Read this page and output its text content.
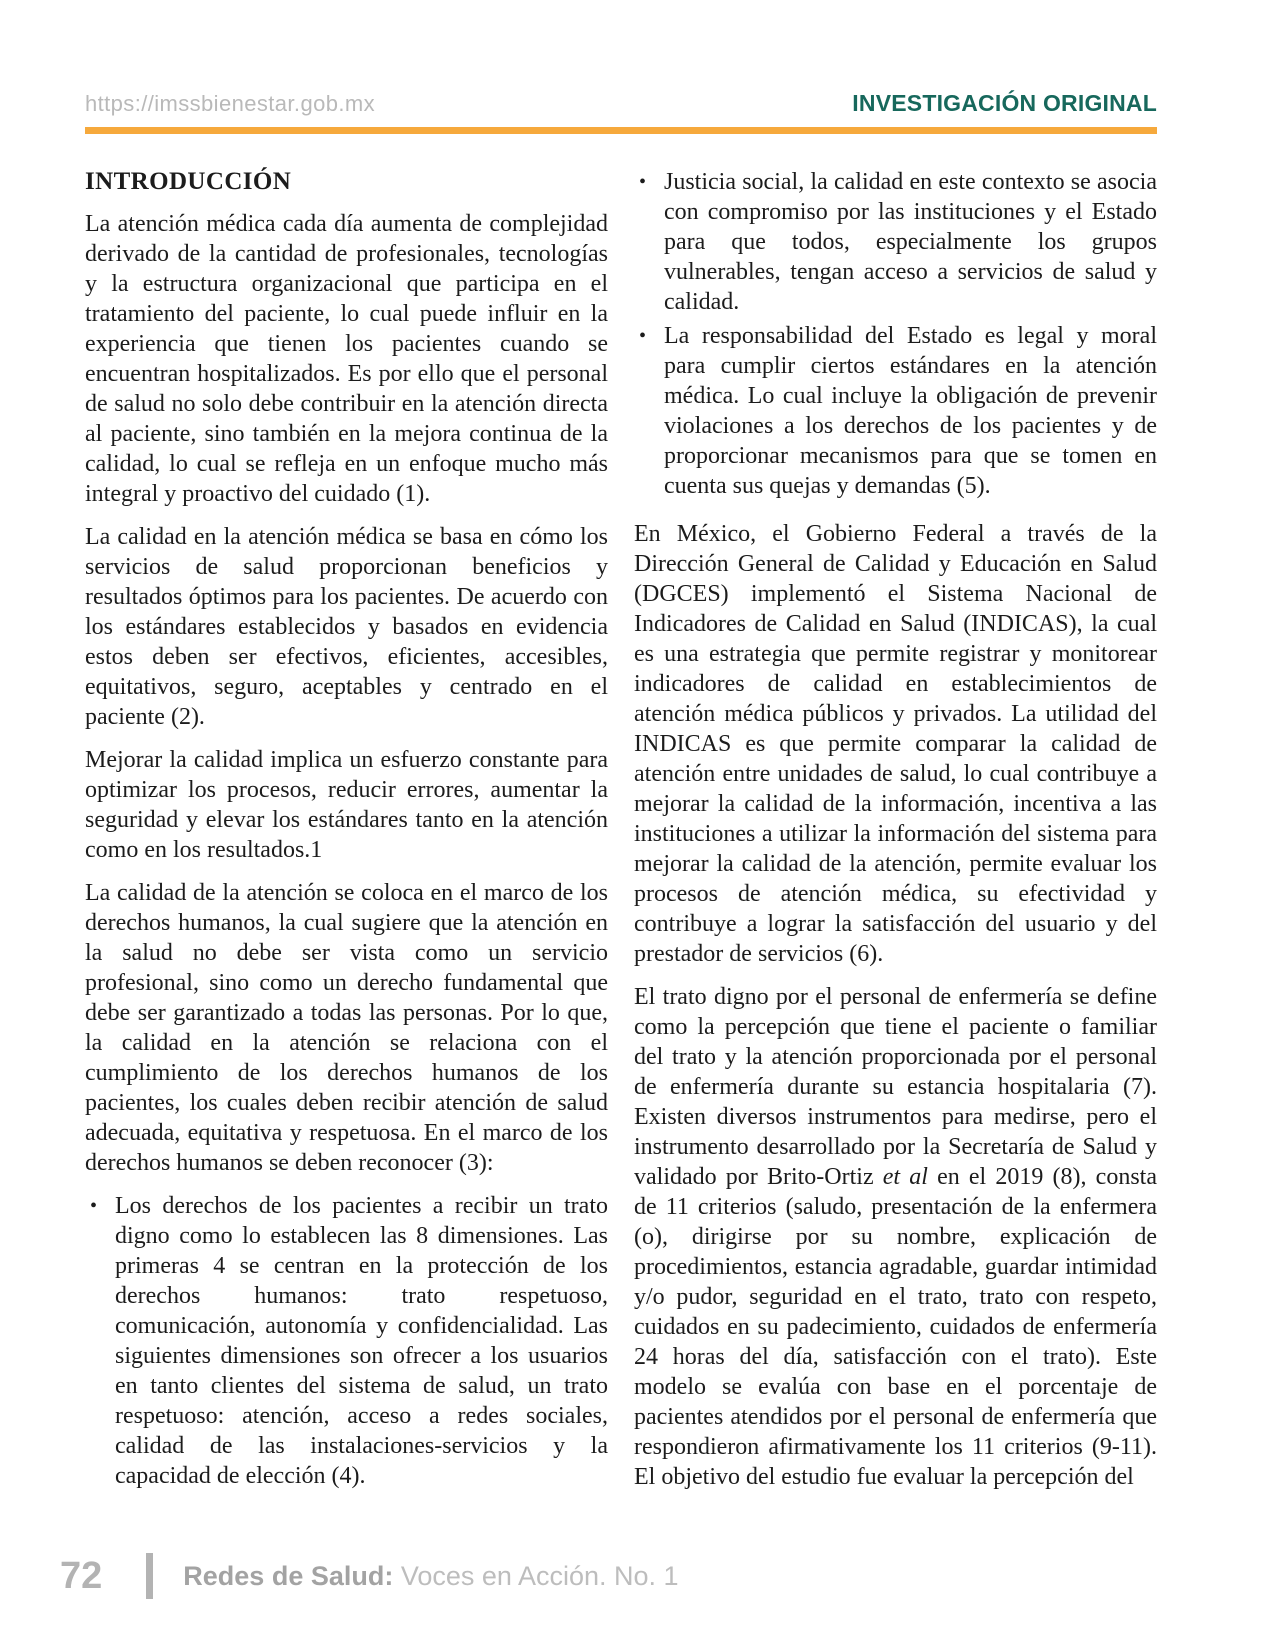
https://imssbienestar.gob.mx	INVESTIGACIÓN ORIGINAL
INTRODUCCIÓN

La atención médica cada día aumenta de complejidad derivado de la cantidad de profesionales, tecnologías y la estructura organizacional que participa en el tratamiento del paciente, lo cual puede influir en la experiencia que tienen los pacientes cuando se encuentran hospitalizados. Es por ello que el personal de salud no solo debe contribuir en la atención directa al paciente, sino también en la mejora continua de la calidad, lo cual se refleja en un enfoque mucho más integral y proactivo del cuidado (1).

La calidad en la atención médica se basa en cómo los servicios de salud proporcionan beneficios y resultados óptimos para los pacientes. De acuerdo con los estándares establecidos y basados en evidencia estos deben ser efectivos, eficientes, accesibles, equitativos, seguro, aceptables y centrado en el paciente (2).

Mejorar la calidad implica un esfuerzo constante para optimizar los procesos, reducir errores, aumentar la seguridad y elevar los estándares tanto en la atención como en los resultados.1

La calidad de la atención se coloca en el marco de los derechos humanos, la cual sugiere que la atención en la salud no debe ser vista como un servicio profesional, sino como un derecho fundamental que debe ser garantizado a todas las personas. Por lo que, la calidad en la atención se relaciona con el cumplimiento de los derechos humanos de los pacientes, los cuales deben recibir atención de salud adecuada, equitativa y respetuosa. En el marco de los derechos humanos se deben reconocer (3):

• Los derechos de los pacientes a recibir un trato digno como lo establecen las 8 dimensiones. Las primeras 4 se centran en la protección de los derechos humanos: trato respetuoso, comunicación, autonomía y confidencialidad. Las siguientes dimensiones son ofrecer a los usuarios en tanto clientes del sistema de salud, un trato respetuoso: atención, acceso a redes sociales, calidad de las instalaciones-servicios y la capacidad de elección (4).
• Justicia social, la calidad en este contexto se asocia con compromiso por las instituciones y el Estado para que todos, especialmente los grupos vulnerables, tengan acceso a servicios de salud y calidad.
• La responsabilidad del Estado es legal y moral para cumplir ciertos estándares en la atención médica. Lo cual incluye la obligación de prevenir violaciones a los derechos de los pacientes y de proporcionar mecanismos para que se tomen en cuenta sus quejas y demandas (5).

En México, el Gobierno Federal a través de la Dirección General de Calidad y Educación en Salud (DGCES) implementó el Sistema Nacional de Indicadores de Calidad en Salud (INDICAS), la cual es una estrategia que permite registrar y monitorear indicadores de calidad en establecimientos de atención médica públicos y privados. La utilidad del INDICAS es que permite comparar la calidad de atención entre unidades de salud, lo cual contribuye a mejorar la calidad de la información, incentiva a las instituciones a utilizar la información del sistema para mejorar la calidad de la atención, permite evaluar los procesos de atención médica, su efectividad y contribuye a lograr la satisfacción del usuario y del prestador de servicios (6).

El trato digno por el personal de enfermería se define como la percepción que tiene el paciente o familiar del trato y la atención proporcionada por el personal de enfermería durante su estancia hospitalaria (7). Existen diversos instrumentos para medirse, pero el instrumento desarrollado por la Secretaría de Salud y validado por Brito-Ortiz et al en el 2019 (8), consta de 11 criterios (saludo, presentación de la enfermera (o), dirigirse por su nombre, explicación de procedimientos, estancia agradable, guardar intimidad y/o pudor, seguridad en el trato, trato con respeto, cuidados en su padecimiento, cuidados de enfermería 24 horas del día, satisfacción con el trato). Este modelo se evalúa con base en el porcentaje de pacientes atendidos por el personal de enfermería que respondieron afirmativamente los 11 criterios (9-11). El objetivo del estudio fue evaluar la percepción del

72	Redes de Salud: Voces en Acción. No. 1
